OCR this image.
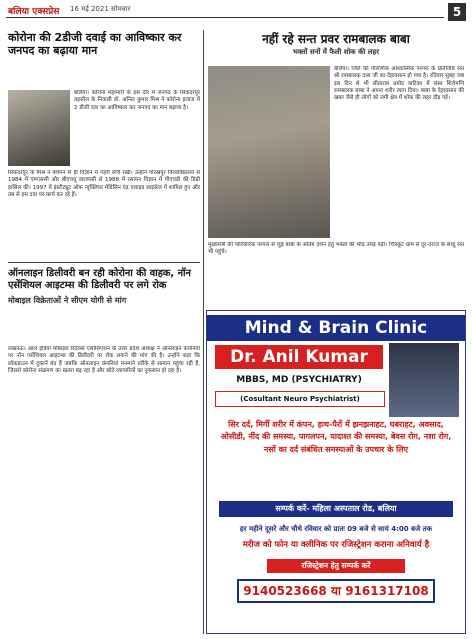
बलिया एक्सप्रेस 16 मई 2021 सोमवार	5
कोरोना की 2डीजी दवाई का आविष्कार कर जनपद का बढ़ाया मान
बलिया। कोरोना महामारी के इस दौर में जनपद के सिकंदरपुर तहसील के निवासी डॉ. अनिल कुमार मिश्र ने कोरोना इलाज में 2 डीजी दवा का आविष्कार कर जनपद का मान बढ़ाया है।
सिकंदरपुर के मिश्र ने बचपन से ही विज्ञान में गहरी रुचि रखी। उन्होंने गोरखपुर विश्वविद्यालय से 1984 में एमएससी और बीएचयू वाराणसी से 1988 में रसायन विज्ञान में पीएचडी की डिग्री हासिल की। 1997 में इंस्टीट्यूट ऑफ न्यूक्लियर मेडिसिन एंड एलाइड साइंसेज में शामिल हुए और तब से इस दवा पर कार्य कर रहे हैं।
ऑनलाइन डिलीवरी बन रही कोरोना की वाहक, नॉन एसेंशियल आइटम्स की डिलीवरी पर लगे रोक
मोबाइल विक्रेताओं ने सीएम योगी से मांग
लखनऊ। आल इंडिया मोबाइल रिटेलर्स एसोसिएशन के उत्तर प्रदेश अध्यक्ष ने ऑनलाइन कंपनियों पर नॉन एसेंशियल आइटम्स की डिलीवरी पर रोक लगाने की मांग की है। उन्होंने कहा कि लॉकडाउन में दुकानें बंद हैं जबकि ऑनलाइन कंपनियां मनमाने तरीके से सामान पहुंचा रही हैं, जिससे कोरोना संक्रमण का खतरा बढ़ रहा है और छोटे व्यापारियों का नुकसान हो रहा है।
नहीं रहे सन्त प्रवर रामबालक बाबा
भक्तों सनों में फैली शोक की लहर
बलिया। जिले की पौराणिक आध्यात्मिक परंपरा के प्रतिनिधि संत श्री रामबालक दास जी का देहावसान हो गया है। रविवार सुबह जब इस दिन से भी सीताराम प्रमोद वाटिका में संस्त शिरोमणि रामबालक बाबा ने अपना शरीर त्याग दिया। बाबा के देहावसान की खबर जैसे ही लोगों को लगी क्षेत्र में शोक की लहर दौड़ गई।
मुख्यमंत्री की पारिवारिक परंपरा से जुड़े बाबा के अंतिम दर्शन हेतु भक्तों की भीड़ उमड़ पड़ी। चित्रकूट धाम से दूर-दराज़ के साधु संत भी पहुंचे।
Mind & Brain Clinic
Dr. Anil Kumar
MBBS, MD (PSYCHIATRY)
(Cosultant Neuro Psychiatrist)
सिर दर्द, मिर्गी शरीर में कंपन, हाथ-पैरों में झनझनाहट, घबराहट, अवसाद, ओसीडी, नींद की समस्या, पागलपन, यादाश्त की समस्या, बेवस रोग, नशा रोग, नसों का दर्द संबंधित समस्याओं के उपचार के लिए
सम्पर्क करें- महिला अस्पताल रोड, बलिया
हर महीने दूसरे और चौथे रविवार को प्रातः 09 बजे से सायं 4:00 बजे तक
मरीज को फोन या क्लीनिक पर रजिस्ट्रेशन कराना अनिवार्य है
रजिस्ट्रेशन हेतु सम्पर्क करें
9140523668 या 9161317108
